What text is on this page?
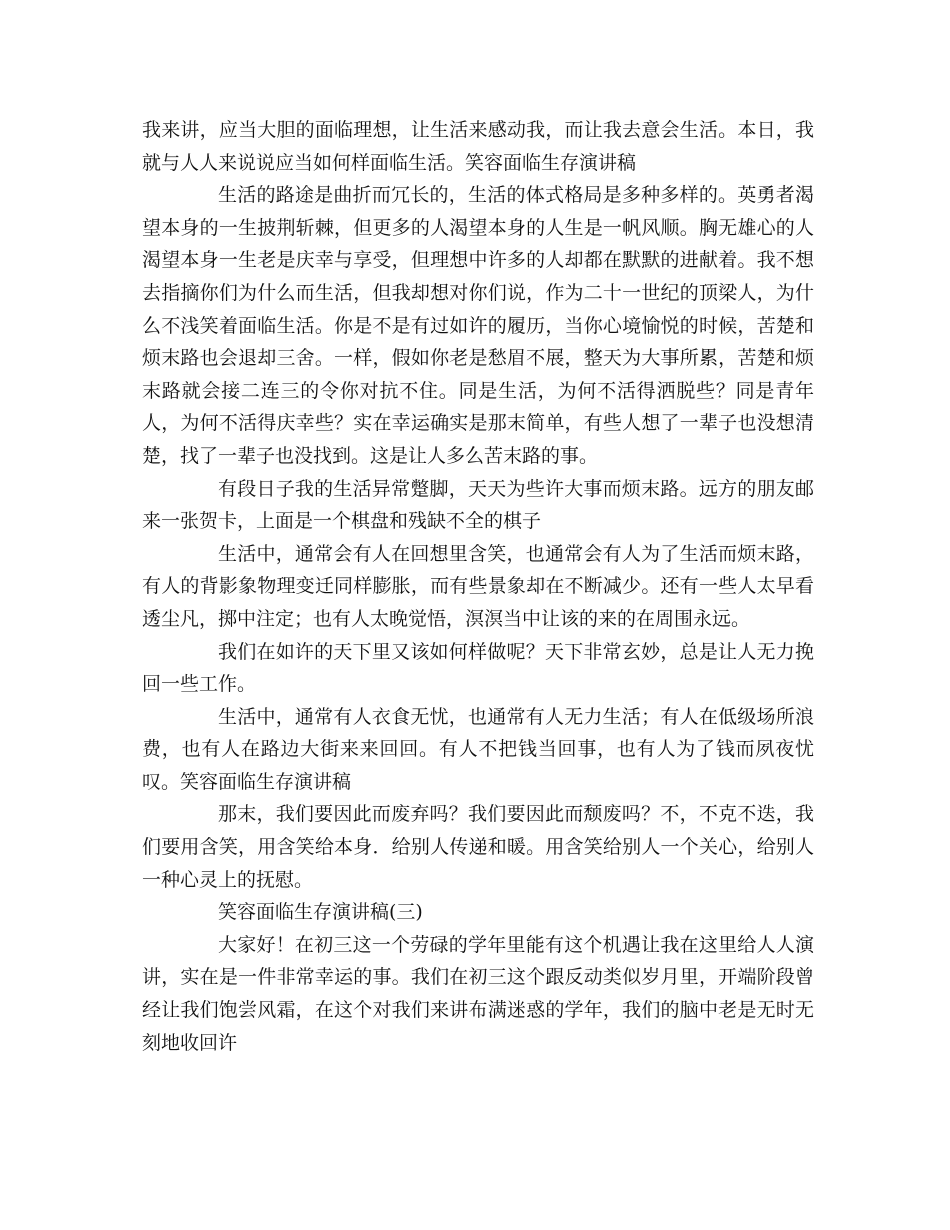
我来讲，应当大胆的面临理想，让生活来感动我，而让我去意会生活。本日，我就与人人来说说应当如何样面临生活。笑容面临生存演讲稿

生活的路途是曲折而冗长的，生活的体式格局是多种多样的。英勇者渴望本身的一生披荆斩棘，但更多的人渴望本身的人生是一帆风顺。胸无雄心的人渴望本身一生老是庆幸与享受，但理想中许多的人却都在默默的进献着。我不想去指摘你们为什么而生活，但我却想对你们说，作为二十一世纪的顶梁人，为什么不浅笑着面临生活。你是不是有过如许的履历，当你心境愉悦的时候，苦楚和烦末路也会退却三舍。一样，假如你老是愁眉不展，整天为大事所累，苦楚和烦末路就会接二连三的令你对抗不住。同是生活，为何不活得洒脱些？同是青年人，为何不活得庆幸些？实在幸运确实是那末简单，有些人想了一辈子也没想清楚，找了一辈子也没找到。这是让人多么苦末路的事。

有段日子我的生活异常蹩脚，天天为些许大事而烦末路。远方的朋友邮来一张贺卡，上面是一个棋盘和残缺不全的棋子

生活中，通常会有人在回想里含笑，也通常会有人为了生活而烦末路，有人的背影象物理变迁同样膨胀，而有些景象却在不断减少。还有一些人太早看透尘凡，掷中注定；也有人太晚觉悟，溟溟当中让该的来的在周围永远。

我们在如许的天下里又该如何样做呢？天下非常玄妙，总是让人无力挽回一些工作。

生活中，通常有人衣食无忧，也通常有人无力生活；有人在低级场所浪费，也有人在路边大街来来回回。有人不把钱当回事，也有人为了钱而夙夜忧叹。笑容面临生存演讲稿

那末，我们要因此而废弃吗？我们要因此而颓废吗？不，不克不迭，我们要用含笑，用含笑给本身．给别人传递和暖。用含笑给别人一个关心，给别人一种心灵上的抚慰。

笑容面临生存演讲稿(三)

大家好！在初三这一个劳碌的学年里能有这个机遇让我在这里给人人演讲，实在是一件非常幸运的事。我们在初三这个跟反动类似岁月里，开端阶段曾经让我们饱尝风霜，在这个对我们来讲布满迷惑的学年，我们的脑中老是无时无刻地收回许
